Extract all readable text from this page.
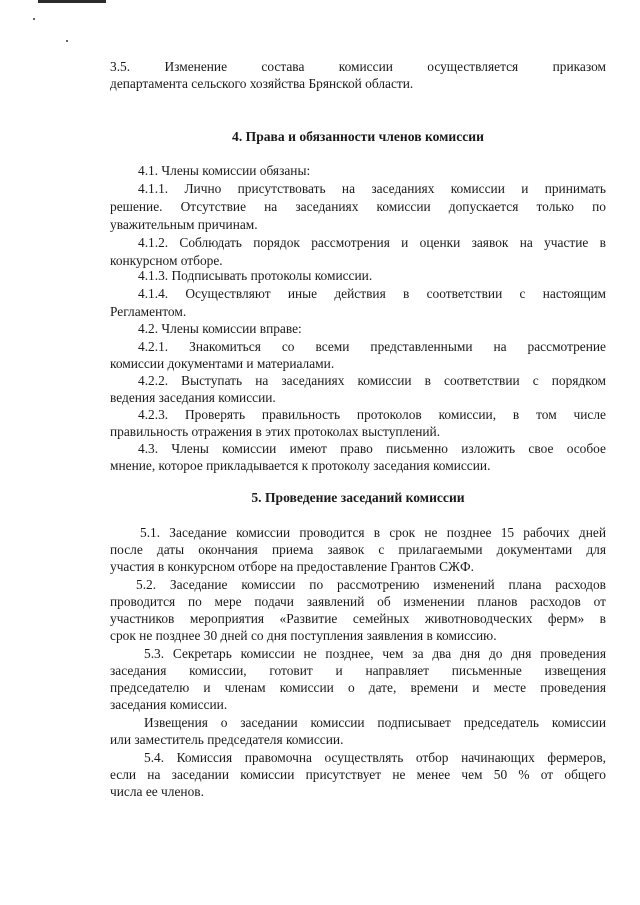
3.5. Изменение состава комиссии осуществляется приказом
департамента сельского хозяйства Брянской области.
4. Права и обязанности членов комиссии
4.1. Члены комиссии обязаны:
4.1.1. Лично присутствовать на заседаниях комиссии и принимать
решение. Отсутствие на заседаниях комиссии допускается только по
уважительным причинам.
4.1.2. Соблюдать порядок рассмотрения и оценки заявок на участие в
конкурсном отборе.
4.1.3. Подписывать протоколы комиссии.
4.1.4. Осуществляют иные действия в соответствии с настоящим
Регламентом.
4.2. Члены комиссии вправе:
4.2.1. Знакомиться со всеми представленными на рассмотрение
комиссии документами и материалами.
4.2.2. Выступать на заседаниях комиссии в соответствии с порядком
ведения заседания комиссии.
4.2.3. Проверять правильность протоколов комиссии, в том числе
правильность отражения в этих протоколах выступлений.
4.3. Члены комиссии имеют право письменно изложить свое особое
мнение, которое прикладывается к протоколу заседания комиссии.
5. Проведение заседаний комиссии
5.1. Заседание комиссии проводится в срок не позднее 15 рабочих дней
после даты окончания приема заявок с прилагаемыми документами для
участия в конкурсном отборе на предоставление Грантов СЖФ.
5.2. Заседание комиссии по рассмотрению изменений плана расходов
проводится по мере подачи заявлений об изменении планов расходов от
участников мероприятия «Развитие семейных животноводческих ферм» в
срок не позднее 30 дней со дня поступления заявления в комиссию.
5.3. Секретарь комиссии не позднее, чем за два дня до дня проведения
заседания комиссии, готовит и направляет письменные извещения
председателю и членам комиссии о дате, времени и месте проведения
заседания комиссии.
Извещения о заседании комиссии подписывает председатель комиссии
или заместитель председателя комиссии.
5.4. Комиссия правомочна осуществлять отбор начинающих фермеров,
если на заседании комиссии присутствует не менее чем 50 % от общего
числа ее членов.
